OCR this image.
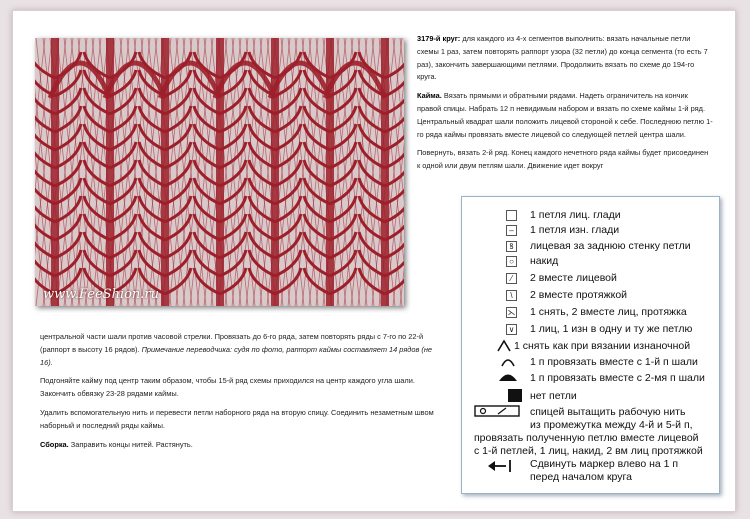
www.FeeShion.ru

3179-й круг: для каждого из 4-х сегментов выполнить: вязать начальные петли схемы 1 раз, затем повторять раппорт узора (32 петли) до конца сегмента (то есть 7 раз), закончить завершающими петлями. Продолжить вязать по схеме до 194-го круга.

Кайма. Вязать прямыми и обратными рядами. Надеть ограничитель на кончик правой спицы. Набрать 12 п невидимым набором и вязать по схеме каймы 1-й ряд. Центральный квадрат шали положить лицевой стороной к себе. Последнюю петлю 1-го ряда каймы провязать вместе лицевой со следующей петлей центра шали.

Повернуть, вязать 2-й ряд. Конец каждого нечетного ряда каймы будет присоединен к одной или двум петлям шали. Движение идет вокруг

центральной части шали против часовой стрелки. Провязать до 6-го ряда, затем повторять ряды с 7-го по 22-й (раппорт в высоту 16 рядов). Примечание переводчика: судя по фото, раппорт каймы составляет 14 рядов (не 16).

Подгоняйте кайму под центр таким образом, чтобы 15-й ряд схемы приходился на центр каждого угла шали. Закончить обвязку 23-28 рядами каймы.

Удалить вспомогательную нить и перевести петли наборного ряда на вторую спицу. Соединить незаметным швом наборный и последний ряды каймы.

Сборка. Заправить концы нитей. Растянуть.

1 петля лиц. глади
–	1 петля изн. глади
ꝸ	лицевая за заднюю стенку петли
○ накид
⁄	2 вместе лицевой
\	2 вместе протяжкой
⋋ 1 снять, 2 вместе лиц, протяжка
∨ 1 лиц, 1 изн в одну и ту же петлю
1 снять как при вязании изнаночной
1 п провязать вместе с 1-й п шали
1 п провязать вместе с 2-мя п шали
нет петли
спицей вытащить рабочую нить
из промежутка между 4-й и 5-й п,
провязать полученную петлю вместе лицевой
с 1-й петлей, 1 лиц, накид, 2 вм лиц протяжкой
Сдвинуть маркер влево на 1 п
перед началом круга
